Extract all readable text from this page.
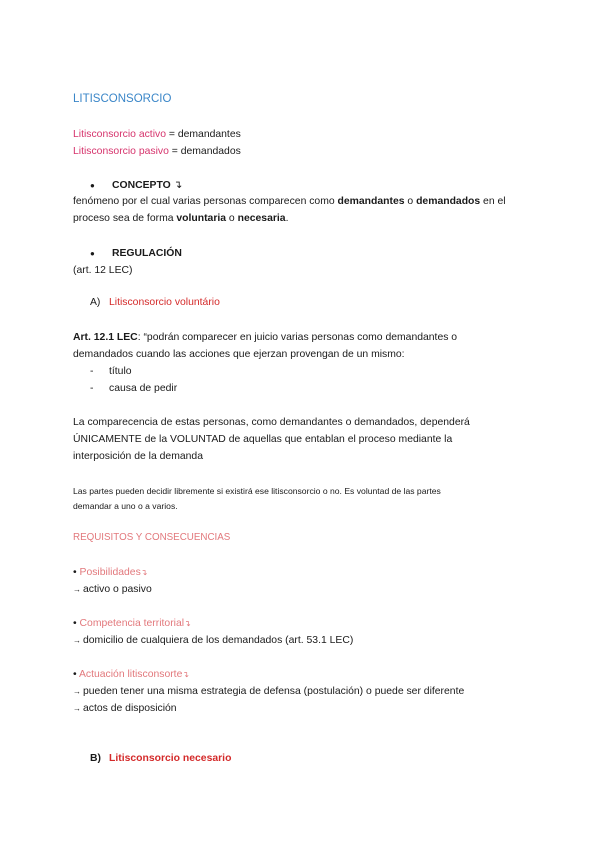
LITISCONSORCIO
Litisconsorcio activo = demandantes
Litisconsorcio pasivo = demandados
● CONCEPTO ↴
fenómeno por el cual varias personas comparecen como demandantes o demandados en el
proceso sea de forma voluntaria o necesaria.
● REGULACIÓN
(art. 12 LEC)
A) Litisconsorcio voluntário
Art. 12.1 LEC: “podrán comparecer en juicio varias personas como demandantes o
demandados cuando las acciones que ejerzan provengan de un mismo:
- título
- causa de pedir
La comparecencia de estas personas, como demandantes o demandados, dependerá
ÚNICAMENTE de la VOLUNTAD de aquellas que entablan el proceso mediante la
interposición de la demanda
Las partes pueden decidir libremente si existirá ese litisconsorcio o no. Es voluntad de las partes
demandar a uno o a varios.
REQUISITOS Y CONSECUENCIAS
• Posibilidades↴
→ activo o pasivo
• Competencia territorial↴
→ domicilio de cualquiera de los demandados (art. 53.1 LEC)
• Actuación litisconsorte↴
→ pueden tener una misma estrategia de defensa (postulación) o puede ser diferente
→ actos de disposición
B) Litisconsorcio necesario
